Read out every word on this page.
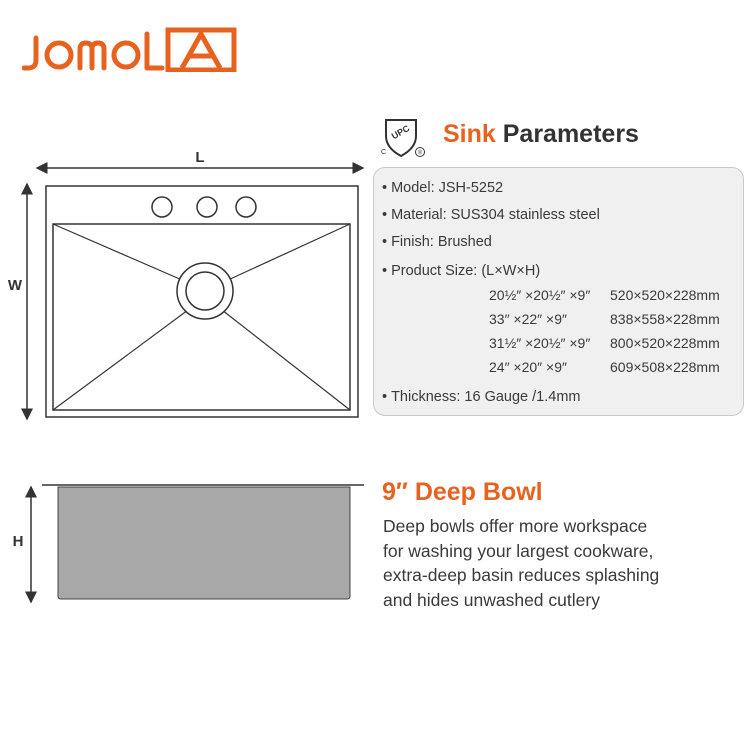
UPC
C	®
Sink Parameters
• Model: JSH-5252
• Material: SUS304 stainless steel
• Finish: Brushed
• Product Size: (L×W×H)
20½″ ×20½″ ×9″ 520×520×228mm
33″ ×22″ ×9″	838×558×228mm
31½″ ×20½″ ×9″ 800×520×228mm
24″ ×20″ ×9″	609×508×228mm
• Thickness: 16 Gauge /1.4mm
L
W
H
9″ Deep Bowl
Deep bowls offer more workspace
for washing your largest cookware,
extra-deep basin reduces splashing
and hides unwashed cutlery
